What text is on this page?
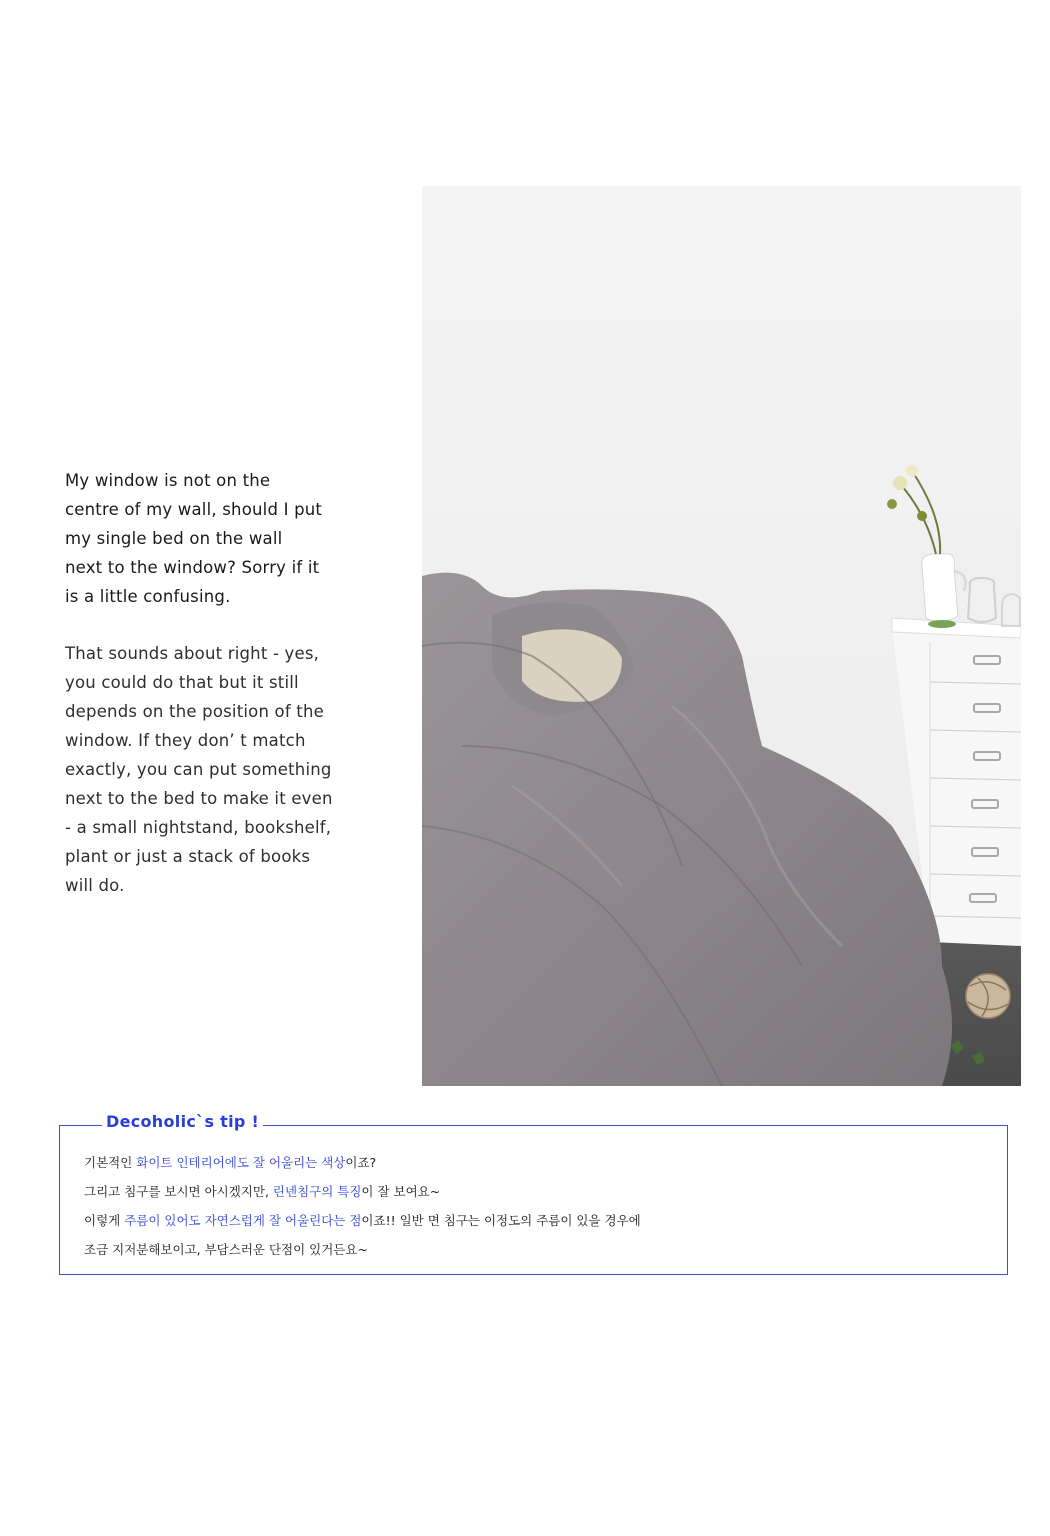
My window is not on the
centre of my wall, should I put
my single bed on the wall
next to the window? Sorry if it
is a little confusing.
That sounds about right - yes,
you could do that but it still
depends on the position of the
window. If they don’ t match
exactly, you can put something
next to the bed to make it even
- a small nightstand, bookshelf,
plant or just a stack of books
will do.
Decoholic`s tip !
기본적인 화이트 인테리어에도 잘 어울리는 색상이죠?
그리고 침구를 보시면 아시겠지만, 린넨침구의 특징이 잘 보여요~
이렇게 주름이 있어도 자연스럽게 잘 어울린다는 점이죠!! 일반 면 침구는 이정도의 주름이 있을 경우에
조금 지저분해보이고, 부담스러운 단점이 있거든요~
